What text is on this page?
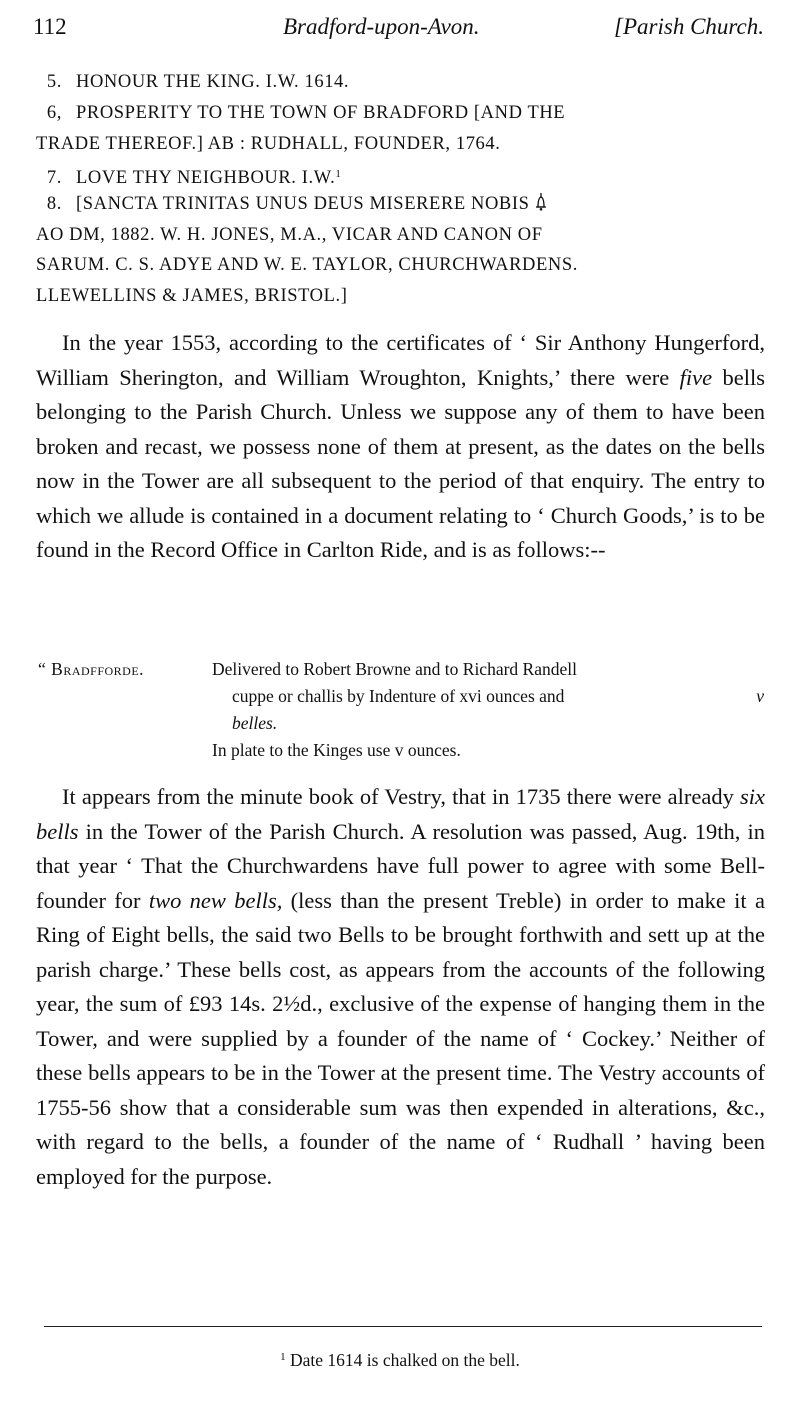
112	Bradford-upon-Avon.	[Parish Church.
5. HONOUR THE KING. I.W. 1614.
6, PROSPERITY TO THE TOWN OF BRADFORD [AND THE
TRADE THEREOF.] AB : RUDHALL, FOUNDER, 1764.
7. LOVE THY NEIGHBOUR. I.W.$^1$
8. [SANCTA TRINITAS UNUS DEUS MISERERE NOBIS
AO DM, 1882. W. H. JONES, M.A., VICAR AND CANON OF
SARUM. C. S. ADYE AND W. E. TAYLOR, CHURCHWARDENS.
LLEWELLINS & JAMES, BRISTOL.]
In the year 1553, according to the certificates of ‘ Sir Anthony Hungerford, William Sherington, and William Wroughton, Knights,’ there were five bells belonging to the Parish Church. Unless we suppose any of them to have been broken and recast, we possess none of them at present, as the dates on the bells now in the Tower are all subsequent to the period of that enquiry. The entry to which we allude is contained in a document relating to ‘ Church Goods,’ is to be found in the Record Office in Carlton Ride, and is as follows:--
“ Bradfforde.	Delivered to Robert Browne and to Richard Randell
cuppe or challis by Indenture of xvi ounces and	v
belles.
In plate to the Kinges use v ounces.
It appears from the minute book of Vestry, that in 1735 there were already six bells in the Tower of the Parish Church. A resolution was passed, Aug. 19th, in that year ‘ That the Churchwardens have full power to agree with some Bell-founder for two new bells, (less than the present Treble) in order to make it a Ring of Eight bells, the said two Bells to be brought forthwith and sett up at the parish charge.’ These bells cost, as appears from the accounts of the following year, the sum of £93 14s. 2½d., exclusive of the expense of hanging them in the Tower, and were supplied by a founder of the name of ‘ Cockey.’ Neither of these bells appears to be in the Tower at the present time. The Vestry accounts of 1755-56 show that a considerable sum was then expended in alterations, &c., with regard to the bells, a founder of the name of ‘ Rudhall ’ having been employed for the purpose.
$^1$ Date 1614 is chalked on the bell.
